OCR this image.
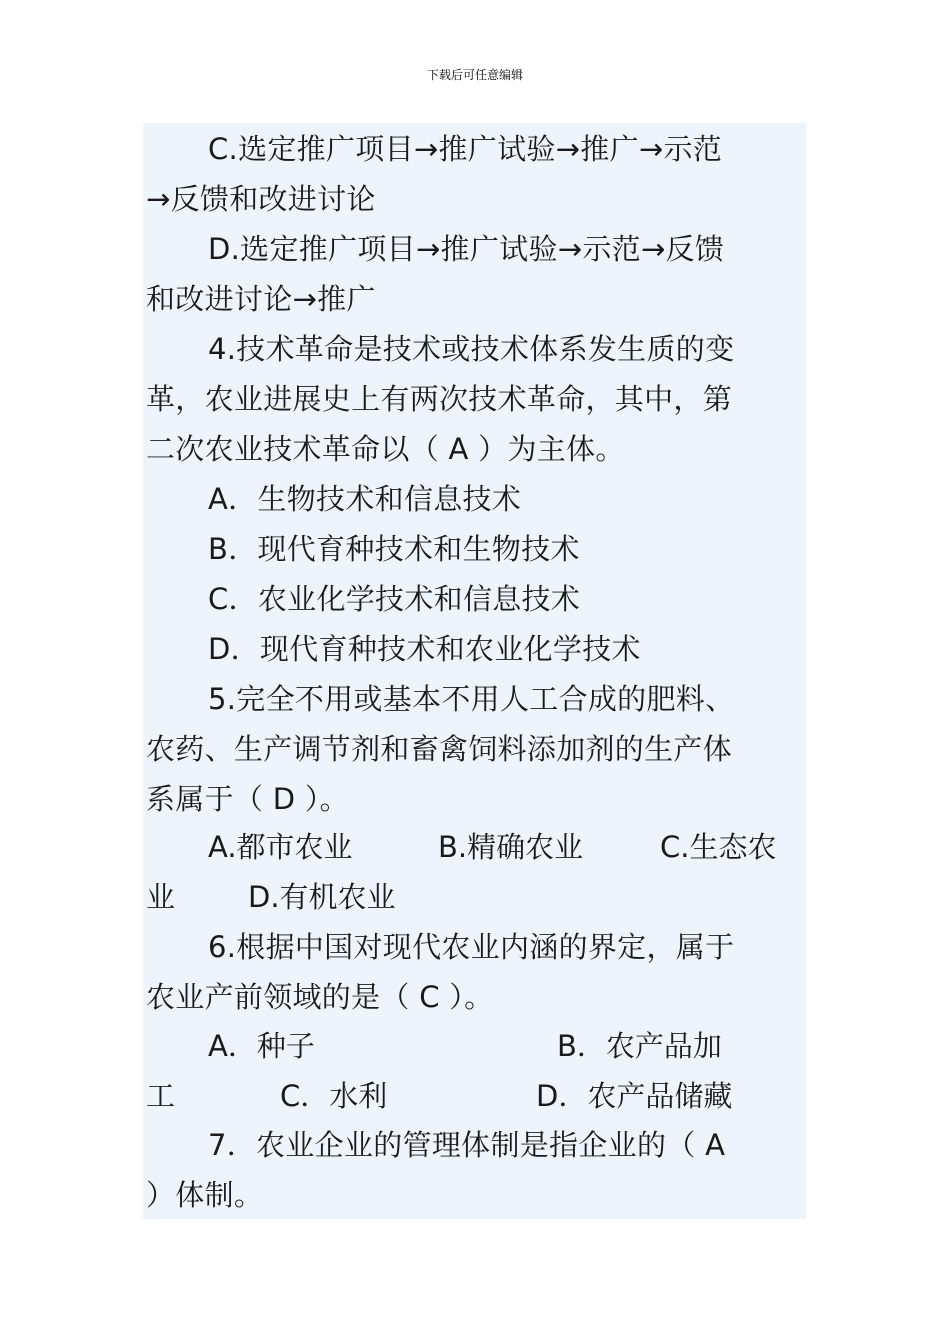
下载后可任意编辑
C.选定推广项目→推广试验→推广→示范
→反馈和改进讨论
D.选定推广项目→推广试验→示范→反馈
和改进讨论→推广
4.技术革命是技术或技术体系发生质的变
革，农业进展史上有两次技术革命，其中，第
二次农业技术革命以（ A ）为主体。
A．生物技术和信息技术
B．现代育种技术和生物技术
C．农业化学技术和信息技术
D．现代育种技术和农业化学技术
5.完全不用或基本不用人工合成的肥料、
农药、生产调节剂和畜禽饲料添加剂的生产体
系属于（ D ）。
A.都市农业	B.精确农业	C.生态农
业	D.有机农业
6.根据中国对现代农业内涵的界定，属于
农业产前领域的是（ C ）。
A．种子	B．农产品加
工	C．水利	D．农产品储藏
7．农业企业的管理体制是指企业的（ A
）体制。
